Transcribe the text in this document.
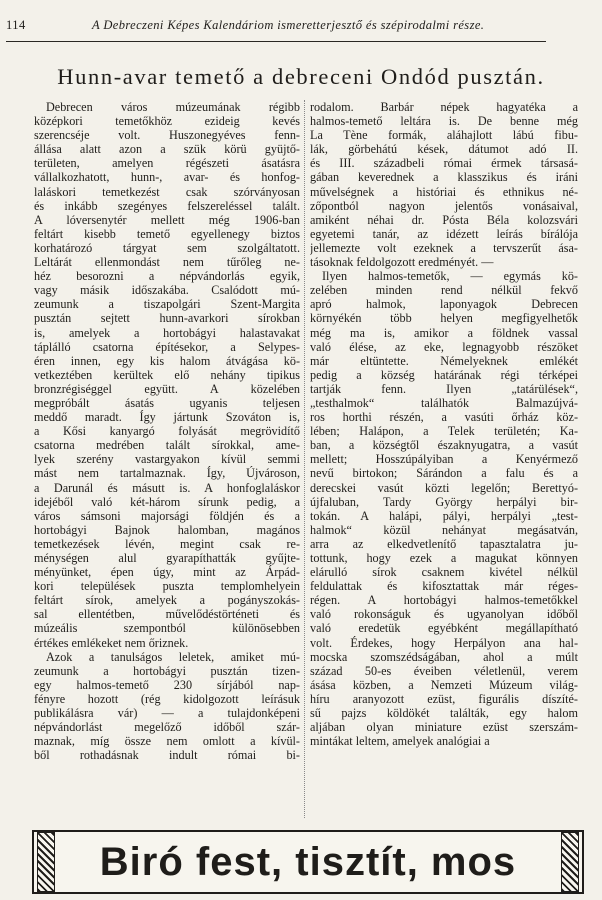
114	A Debreczeni Képes Kalendáriom ismeretterjesztő és szépirodalmi része.
Hunn-avar temető a debreceni Ondód pusztán.

Debrecen város múzeumának régibb

középkori temetőkhöz ezideig kevés

szerencséje volt. Huszonegyéves fenn-

állása alatt azon a szük körü gyüjtő-

területen, amelyen régészeti ásatásra

vállalkozhatott, hunn-, avar- és honfog-

laláskori temetkezést csak szórványosan

és inkább szegényes felszereléssel talált.

A lóversenytér mellett még 1906-ban

feltárt kisebb temető egyellenegy biztos

korhatározó tárgyat sem szolgáltatott.

Leltárát ellenmondást nem tűrőleg ne-

héz besorozni a népvándorlás egyik,

vagy másik időszakába. Csalódott mú-

zeumunk a tiszapolgári Szent-Margita

pusztán sejtett hunn-avarkori sírokban

is, amelyek a hortobágyi halastavakat

táplálló csatorna építésekor, a Selypes-

éren innen, egy kis halom átvágása kö-

vetkeztében kerültek elő nehány tipikus

bronzrégiséggel együtt. A közelében

megpróbált ásatás ugyanis teljesen

meddő maradt. Így jártunk Szováton is,

a Kősi kanyargó folyását megrövidítő

csatorna medrében talált sírokkal, ame-

lyek szerény vastargyakon kívül semmi

mást nem tartalmaznak. Így, Újvároson,

a Darunál és másutt is. A honfoglaláskor

idejéből való két-három sírunk pedig, a

város sámsoni majorsági földjén és a

hortobágyi Bajnok halomban, magános

temetkezések lévén, megint csak re-

ménységen alul gyarapíthatták gyűjte-

ményünket, épen úgy, mint az Árpád-

kori települések puszta templomhelyein

feltárt sírok, amelyek a pogányszokás-

sal ellentétben, művelődéstörténeti és

múzeális szempontból különösebben

értékes emlékeket nem őriznek.

Azok a tanulságos leletek, amiket mú-

zeumunk a hortobágyi pusztán tizen-

egy halmos-temető 230 sírjából nap-

fényre hozott (rég kidolgozott leírásuk

publikálásra vár) — a tulajdonképeni

népvándorlást megelőző időből szár-

maznak, míg össze nem omlott a kívül-

ből rothadásnak indult római bi-

rodalom. Barbár népek hagyatéka a

halmos-temető leltára is. De benne még

La Tène formák, aláhajlott lábú fibu-

lák, görbehátú kések, dátumot adó II.

és III. századbeli római érmek társasá-

gában keverednek a klasszikus és iráni

művelségnek a históriai és ethnikus né-

zőpontból nagyon jelentős vonásaival,

amiként néhai dr. Pósta Béla kolozsvári

egyetemi tanár, az idézett leírás bírálója

jellemezte volt ezeknek a tervszerűt ása-

tásoknak feldolgozott eredményét. —

Ilyen halmos-temetők, — egymás kö-

zelében minden rend nélkül fekvő

apró halmok, laponyagok Debrecen

környékén több helyen megfigyelhetők

még ma is, amikor a földnek vassal

való élése, az eke, legnagyobb részöket

már eltüntette. Némelyeknek emlékét

pedig a község határának régi térképei

tartják fenn. Ilyen „tatárülések“,

„testhalmok“ találhatók Balmazújvá-

ros horthi részén, a vasúti őrház köz-

lében; Halápon, a Telek területén; Ka-

ban, a községtől északnyugatra, a vasút

mellett; Hosszúpályiban a Kenyérmező

nevű birtokon; Sárándon a falu és a

derecskei vasút közti legelőn; Berettyó-

újfaluban, Tardy György herpályi bir-

tokán. A halápi, pályi, herpályi „test-

halmok“ közül nehányat megásatván,

arra az elkedvetlenítő tapasztalatra ju-

tottunk, hogy ezek a magukat könnyen

elárulló sírok csaknem kivétel nélkül

feldulattak és kifosztattak már réges-

régen. A hortobágyi halmos-temetőkkel

való rokonságuk és ugyanolyan időből

való eredetük egyébként megállapítható

volt. Érdekes, hogy Herpályon ana hal-

mocska szomszédságában, ahol a múlt

század 50-es éveiben véletlenül, verem

ásása közben, a Nemzeti Múzeum világ-

híru aranyozott ezüst, figurális díszíté-

sű pajzs köldökét találták, egy halom

aljában olyan miniature ezüst szerszám-

mintákat leltem, amelyek analógiai a

Biró fest, tisztít, mos
